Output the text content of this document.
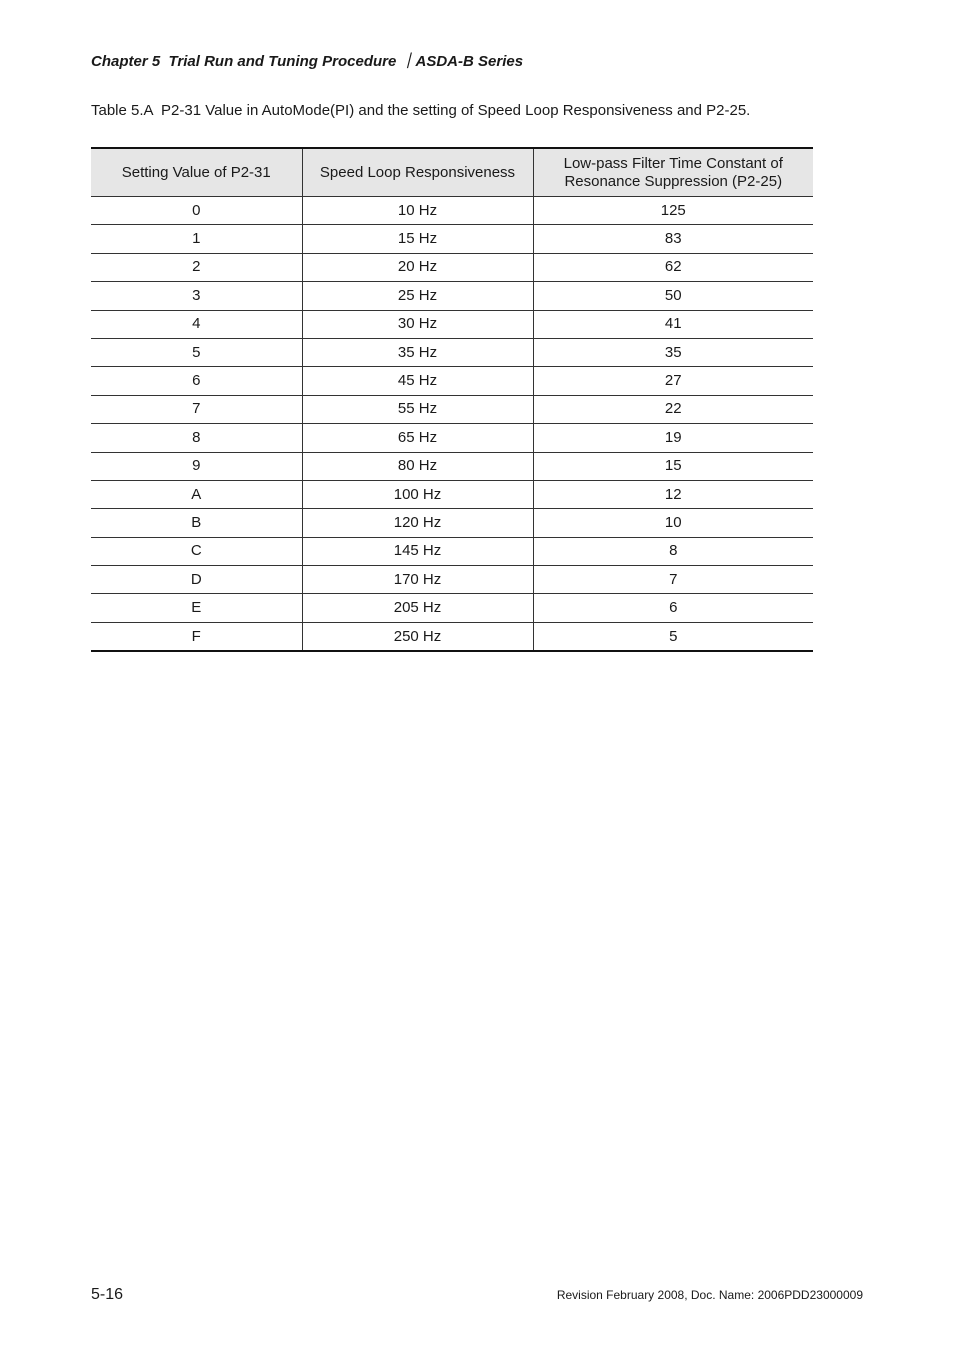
Chapter 5  Trial Run and Tuning Procedure ｜ASDA-B Series
Table 5.A  P2-31 Value in AutoMode(PI) and the setting of Speed Loop Responsiveness and P2-25.
Setting Value of P2-31	Speed Loop Responsiveness	Low-pass Filter Time Constant of Resonance Suppression (P2-25)
0	10 Hz	125
1	15 Hz	83
2	20 Hz	62
3	25 Hz	50
4	30 Hz	41
5	35 Hz	35
6	45 Hz	27
7	55 Hz	22
8	65 Hz	19
9	80 Hz	15
A	100 Hz	12
B	120 Hz	10
C	145 Hz	8
D	170 Hz	7
E	205 Hz	6
F	250 Hz	5
5-16	Revision February 2008, Doc. Name: 2006PDD23000009
